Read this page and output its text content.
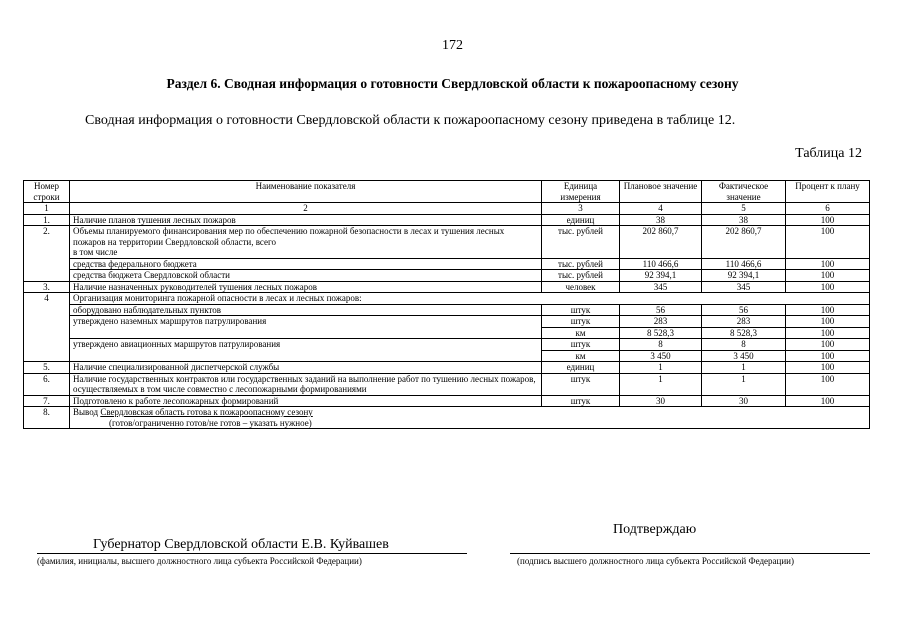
172
Раздел 6. Сводная информация о готовности Свердловской области к пожароопасному сезону
Сводная информация о готовности Свердловской области к пожароопасному сезону приведена в таблице 12.
Таблица 12
Номер строки	Наименование показателя	Единица измерения	Плановое значение	Фактическое значение	Процент к плану
1	2	3	4	5	6
1.	Наличие планов тушения лесных пожаров	единиц	38	38	100
2.	Объемы планируемого финансирования мер по обеспечению пожарной безопасности в лесах и тушения лесных пожаров на территории Свердловской области, всего
в том числе	тыс. рублей	202 860,7	202 860,7	100
	средства федерального бюджета	тыс. рублей	110 466,6	110 466,6	100
	средства бюджета Свердловской области	тыс. рублей	92 394,1	92 394,1	100
3.	Наличие назначенных руководителей тушения лесных пожаров	человек	345	345	100
4	Организация мониторинга пожарной опасности в лесах и лесных пожаров:				
	оборудовано наблюдательных пунктов	штук	56	56	100
	утверждено наземных маршрутов патрулирования	штук	283	283	100
		км	8 528,3	8 528,3	100
	утверждено авиационных маршрутов патрулирования	штук	8	8	100
		км	3 450	3 450	100
5.	Наличие специализированной диспетчерской службы	единиц	1	1	100
6.	Наличие государственных контрактов или государственных заданий на выполнение работ по тушению лесных пожаров, осуществляемых в том числе совместно с лесопожарными формированиями	штук	1	1	100
7.	Подготовлено к работе лесопожарных формирований	штук	30	30	100
8.	Вывод Свердловская область готова к пожароопасному сезону
(готов/ограниченно готов/не готов – указать нужное)				
Подтверждаю
Губернатор Свердловской области Е.В. Куйвашев
(фамилия, инициалы, высшего должностного лица субъекта Российской Федерации)	(подпись высшего должностного лица субъекта Российской Федерации)
